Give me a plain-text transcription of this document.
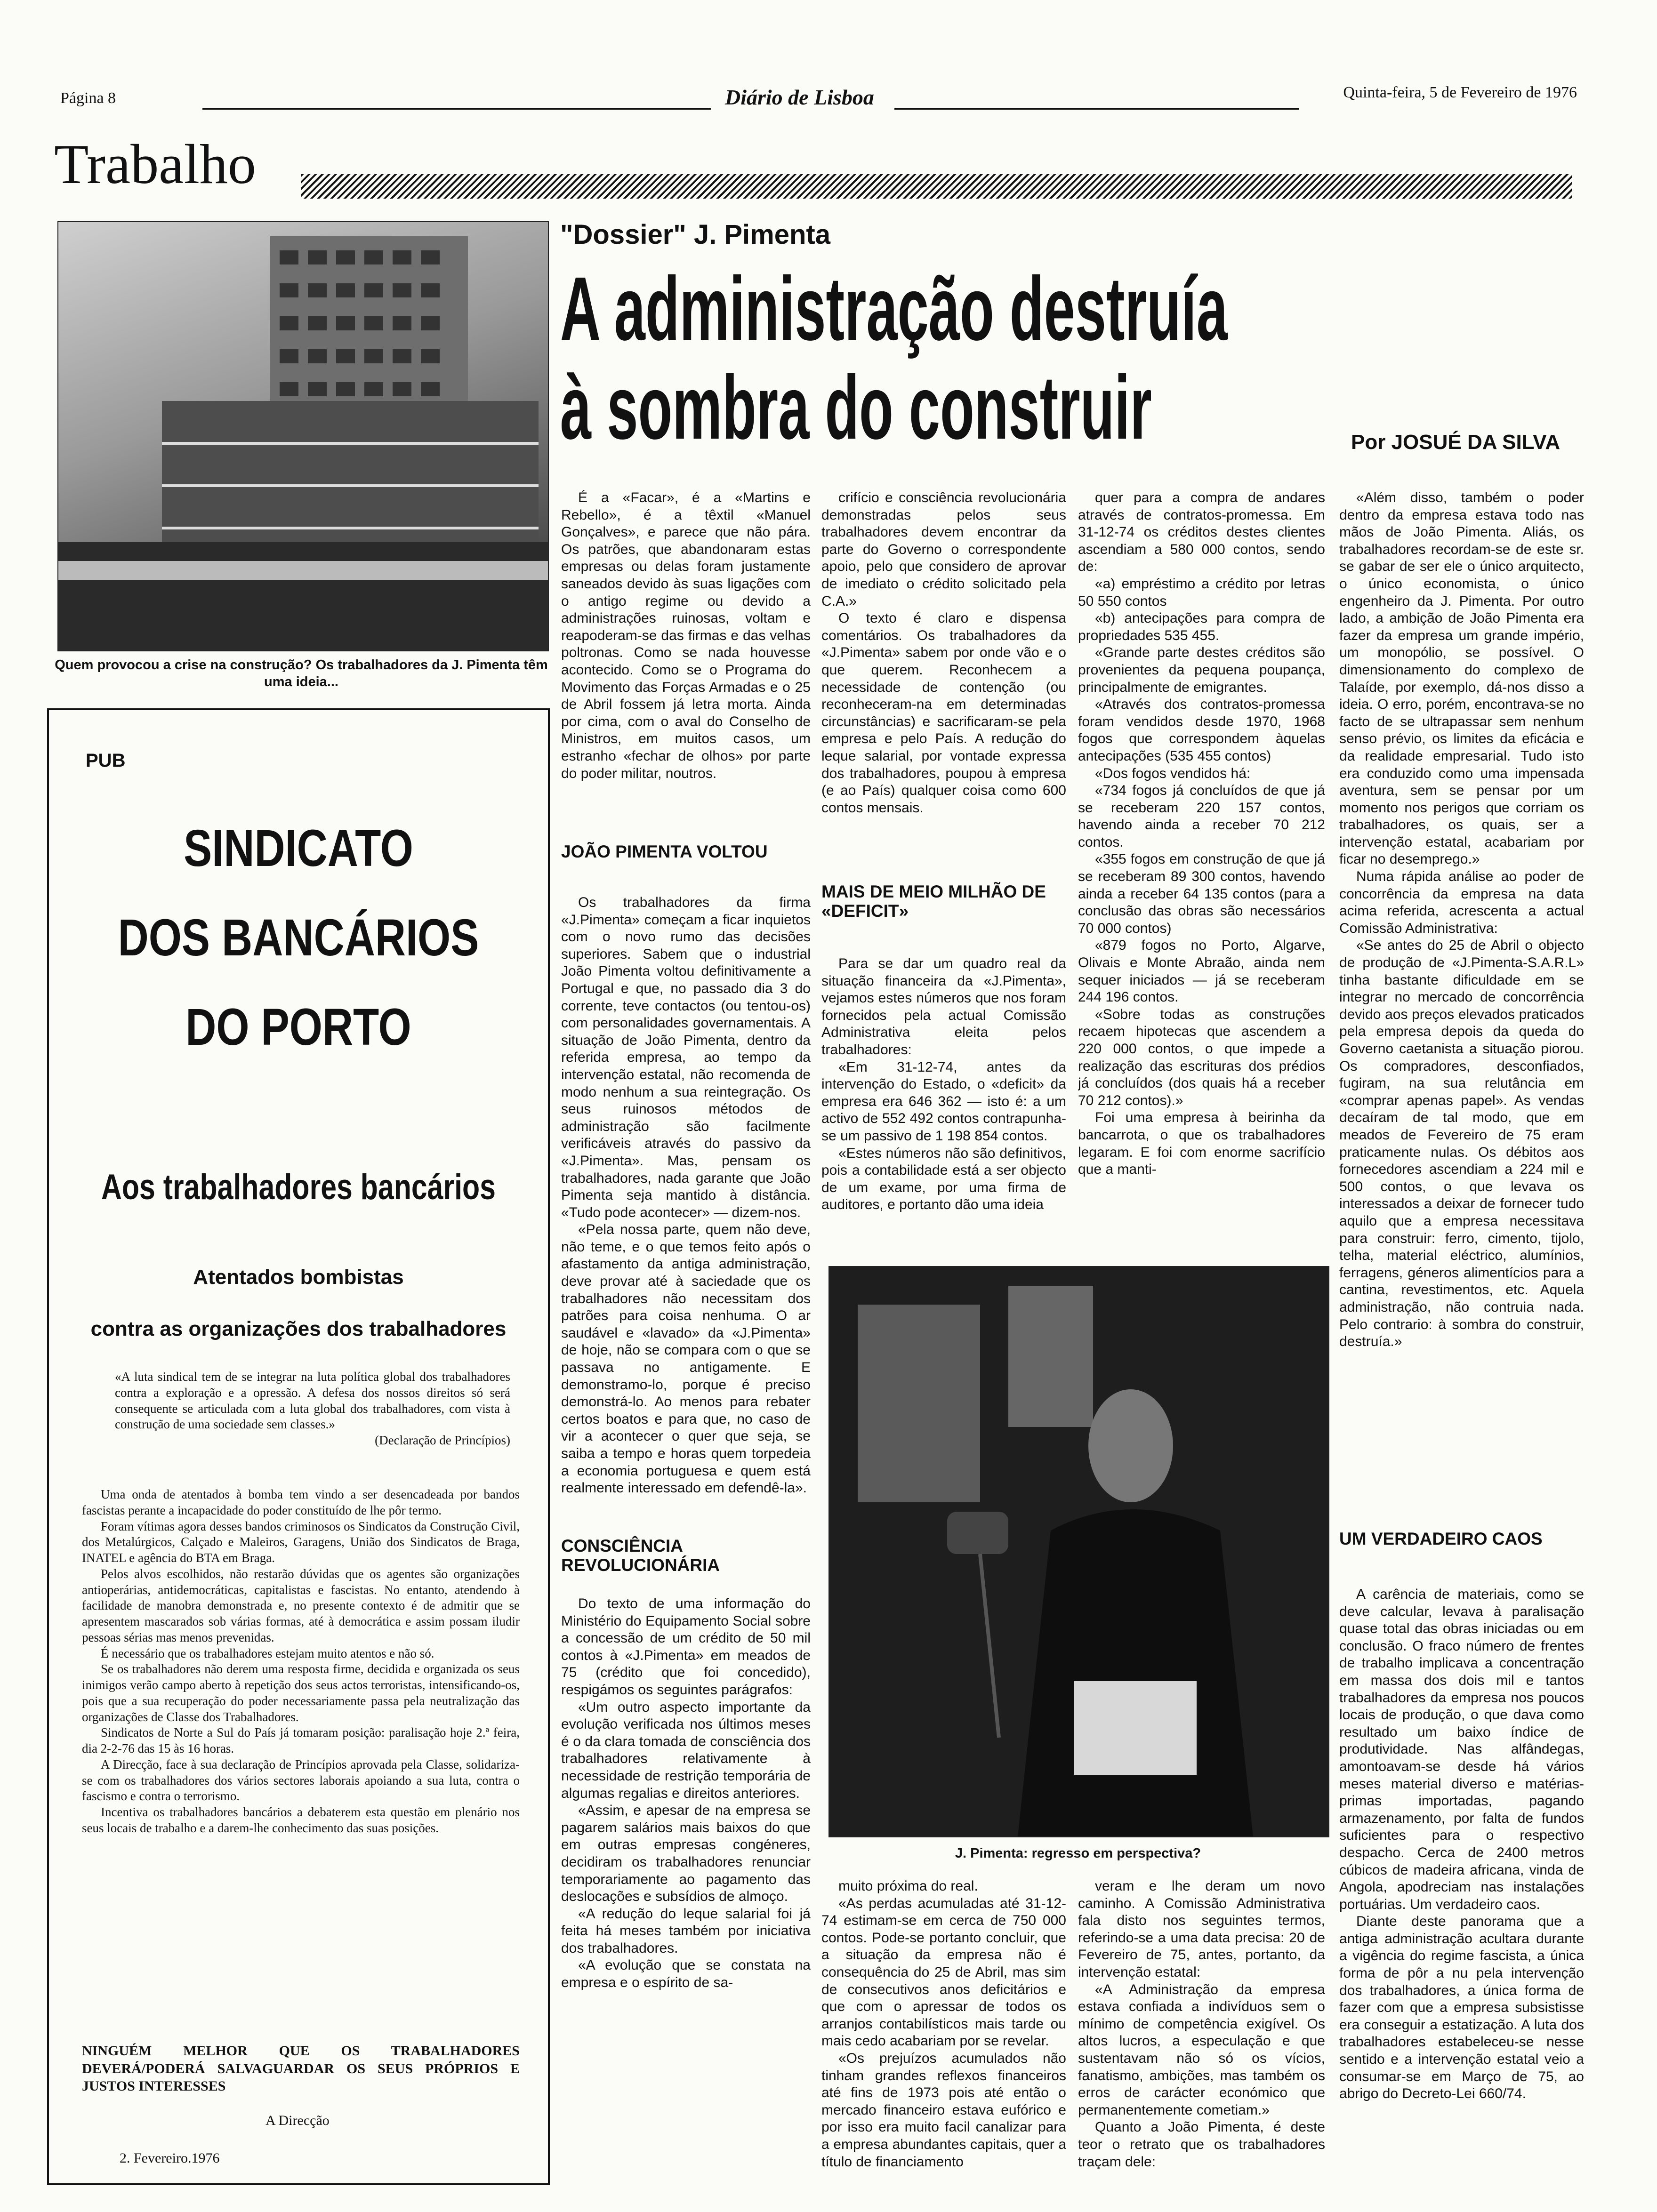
Página 8	Diário de Lisboa	Quinta-feira, 5 de Fevereiro de 1976
Trabalho
Quem provocou a crise na construção? Os trabalhadores da J. Pimenta têm uma ideia...
"Dossier" J. Pimenta
A administração destruía
à sombra do construir	Por JOSUÉ DA SILVA
PUB
SINDICATO
DOS BANCÁRIOS
DO PORTO
Aos trabalhadores bancários
Atentados bombistas
contra as organizações dos trabalhadores
«A luta sindical tem de se integrar na luta política global dos trabalhadores contra a exploração e a opressão. A defesa dos nossos direitos só será consequente se articulada com a luta global dos trabalhadores, com vista à construção de uma sociedade sem classes.»
(Declaração de Princípios)

Uma onda de atentados à bomba tem vindo a ser desencadeada por bandos fascistas perante a incapacidade do poder constituído de lhe pôr termo.

Foram vítimas agora desses bandos criminosos os Sindicatos da Construção Civil, dos Metalúrgicos, Calçado e Maleiros, Garagens, União dos Sindicatos de Braga, INATEL e agência do BTA em Braga.

Pelos alvos escolhidos, não restarão dúvidas que os agentes são organizações antioperárias, antidemocráticas, capitalistas e fascistas. No entanto, atendendo à facilidade de manobra demonstrada e, no presente contexto é de admitir que se apresentem mascarados sob várias formas, até à democrática e assim possam iludir pessoas sérias mas menos prevenidas.

É necessário que os trabalhadores estejam muito atentos e não só.

Se os trabalhadores não derem uma resposta firme, decidida e organizada os seus inimigos verão campo aberto à repetição dos seus actos terroristas, intensificando-os, pois que a sua recuperação do poder necessariamente passa pela neutralização das organizações de Classe dos Trabalhadores.

Sindicatos de Norte a Sul do País já tomaram posição: paralisação hoje 2.ª feira, dia 2-2-76 das 15 às 16 horas.

A Direcção, face à sua declaração de Princípios aprovada pela Classe, solidariza-se com os trabalhadores dos vários sectores laborais apoiando a sua luta, contra o fascismo e contra o terrorismo.

Incentiva os trabalhadores bancários a debaterem esta questão em plenário nos seus locais de trabalho e a darem-lhe conhecimento das suas posições.

NINGUÉM MELHOR QUE OS TRABALHADORES DEVERÁ/PODERÁ SALVAGUARDAR OS SEUS PRÓPRIOS E JUSTOS INTERESSES
A Direcção
2. Fevereiro.1976

É a «Facar», é a «Martins e Rebello», é a têxtil «Manuel Gonçalves», e parece que não pára. Os patrões, que abandonaram estas empresas ou delas foram justamente saneados devido às suas ligações com o antigo regime ou devido a administrações ruinosas, voltam e reapoderam-se das firmas e das velhas poltronas. Como se nada houvesse acontecido. Como se o Programa do Movimento das Forças Armadas e o 25 de Abril fossem já letra morta. Ainda por cima, com o aval do Conselho de Ministros, em muitos casos, um estranho «fechar de olhos» por parte do poder militar, noutros.

JOÃO PIMENTA VOLTOU

Os trabalhadores da firma «J.Pimenta» começam a ficar inquietos com o novo rumo das decisões superiores. Sabem que o industrial João Pimenta voltou definitivamente a Portugal e que, no passado dia 3 do corrente, teve contactos (ou tentou-os) com personalidades governamentais. A situação de João Pimenta, dentro da referida empresa, ao tempo da intervenção estatal, não recomenda de modo nenhum a sua reintegração. Os seus ruinosos métodos de administração são facilmente verificáveis através do passivo da «J.Pimenta». Mas, pensam os trabalhadores, nada garante que João Pimenta seja mantido à distância. «Tudo pode acontecer» — dizem-nos.

«Pela nossa parte, quem não deve, não teme, e o que temos feito após o afastamento da antiga administração, deve provar até à saciedade que os trabalhadores não necessitam dos patrões para coisa nenhuma. O ar saudável e «lavado» da «J.Pimenta» de hoje, não se compara com o que se passava no antigamente. E demonstramo-lo, porque é preciso demonstrá-lo. Ao menos para rebater certos boatos e para que, no caso de vir a acontecer o quer que seja, se saiba a tempo e horas quem torpedeia a economia portuguesa e quem está realmente interessado em defendê-la».

CONSCIÊNCIA REVOLUCIONÁRIA

Do texto de uma informação do Ministério do Equipamento Social sobre a concessão de um crédito de 50 mil contos à «J.Pimenta» em meados de 75 (crédito que foi concedido), respigámos os seguintes parágrafos:

«Um outro aspecto importante da evolução verificada nos últimos meses é o da clara tomada de consciência dos trabalhadores relativamente à necessidade de restrição temporária de algumas regalias e direitos anteriores.

«Assim, e apesar de na empresa se pagarem salários mais baixos do que em outras empresas congéneres, decidiram os trabalhadores renunciar temporariamente ao pagamento das deslocações e subsídios de almoço.

«A redução do leque salarial foi já feita há meses também por iniciativa dos trabalhadores.

«A evolução que se constata na empresa e o espírito de sa-

crifício e consciência revolucionária demonstradas pelos seus trabalhadores devem encontrar da parte do Governo o correspondente apoio, pelo que considero de aprovar de imediato o crédito solicitado pela C.A.»

O texto é claro e dispensa comentários. Os trabalhadores da «J.Pimenta» sabem por onde vão e o que querem. Reconhecem a necessidade de contenção (ou reconheceram-na em determinadas circunstâncias) e sacrificaram-se pela empresa e pelo País. A redução do leque salarial, por vontade expressa dos trabalhadores, poupou à empresa (e ao País) qualquer coisa como 600 contos mensais.

MAIS DE MEIO MILHÃO DE «DEFICIT»

Para se dar um quadro real da situação financeira da «J.Pimenta», vejamos estes números que nos foram fornecidos pela actual Comissão Administrativa eleita pelos trabalhadores:

«Em 31-12-74, antes da intervenção do Estado, o «deficit» da empresa era 646 362 — isto é: a um activo de 552 492 contos contrapunha-se um passivo de 1 198 854 contos.

«Estes números não são definitivos, pois a contabilidade está a ser objecto de um exame, por uma firma de auditores, e portanto dão uma ideia

quer para a compra de andares através de contratos-promessa. Em 31-12-74 os créditos destes clientes ascendiam a 580 000 contos, sendo de:

«a) empréstimo a crédito por letras 50 550 contos

«b) antecipações para compra de propriedades 535 455.

«Grande parte destes créditos são provenientes da pequena poupança, principalmente de emigrantes.

«Através dos contratos-promessa foram vendidos desde 1970, 1968 fogos que correspondem àquelas antecipações (535 455 contos)

«Dos fogos vendidos há:

«734 fogos já concluídos de que já se receberam 220 157 contos, havendo ainda a receber 70 212 contos.

«355 fogos em construção de que já se receberam 89 300 contos, havendo ainda a receber 64 135 contos (para a conclusão das obras são necessários 70 000 contos)

«879 fogos no Porto, Algarve, Olivais e Monte Abraão, ainda nem sequer iniciados — já se receberam 244 196 contos.

«Sobre todas as construções recaem hipotecas que ascendem a 220 000 contos, o que impede a realização das escrituras dos prédios já concluídos (dos quais há a receber 70 212 contos).»

Foi uma empresa à beirinha da bancarrota, o que os trabalhadores legaram. E foi com enorme sacrifício que a manti-

«Além disso, também o poder dentro da empresa estava todo nas mãos de João Pimenta. Aliás, os trabalhadores recordam-se de este sr. se gabar de ser ele o único arquitecto, o único economista, o único engenheiro da J. Pimenta. Por outro lado, a ambição de João Pimenta era fazer da empresa um grande império, um monopólio, se possível. O dimensionamento do complexo de Talaíde, por exemplo, dá-nos disso a ideia. O erro, porém, encontrava-se no facto de se ultrapassar sem nenhum senso prévio, os limites da eficácia e da realidade empresarial. Tudo isto era conduzido como uma impensada aventura, sem se pensar por um momento nos perigos que corriam os trabalhadores, os quais, ser a intervenção estatal, acabariam por ficar no desemprego.»

Numa rápida análise ao poder de concorrência da empresa na data acima referida, acrescenta a actual Comissão Administrativa:

«Se antes do 25 de Abril o objecto de produção de «J.Pimenta-S.A.R.L» tinha bastante dificuldade em se integrar no mercado de concorrência devido aos preços elevados praticados pela empresa depois da queda do Governo caetanista a situação piorou. Os compradores, desconfiados, fugiram, na sua relutância em «comprar apenas papel». As vendas decaíram de tal modo, que em meados de Fevereiro de 75 eram praticamente nulas. Os débitos aos fornecedores ascendiam a 224 mil e 500 contos, o que levava os interessados a deixar de fornecer tudo aquilo que a empresa necessitava para construir: ferro, cimento, tijolo, telha, material eléctrico, alumínios, ferragens, géneros alimentícios para a cantina, revestimentos, etc. Aquela administração, não contruia nada. Pelo contrario: à sombra do construir, destruía.»

UM VERDADEIRO CAOS

A carência de materiais, como se deve calcular, levava à paralisação quase total das obras iniciadas ou em conclusão. O fraco número de frentes de trabalho implicava a concentração em massa dos dois mil e tantos trabalhadores da empresa nos poucos locais de produção, o que dava como resultado um baixo índice de produtividade. Nas alfândegas, amontoavam-se desde há vários meses material diverso e matérias-primas importadas, pagando armazenamento, por falta de fundos suficientes para o respectivo despacho. Cerca de 2400 metros cúbicos de madeira africana, vinda de Angola, apodreciam nas instalações portuárias. Um verdadeiro caos.

Diante deste panorama que a antiga administração acultara durante a vigência do regime fascista, a única forma de pôr a nu pela intervenção dos trabalhadores, a única forma de fazer com que a empresa subsistisse era conseguir a estatização. A luta dos trabalhadores estabeleceu-se nesse sentido e a intervenção estatal veio a consumar-se em Março de 75, ao abrigo do Decreto-Lei 660/74.

J. Pimenta: regresso em perspectiva?

muito próxima do real.

«As perdas acumuladas até 31-12-74 estimam-se em cerca de 750 000 contos. Pode-se portanto concluir, que a situação da empresa não é consequência do 25 de Abril, mas sim de consecutivos anos deficitários e que com o apressar de todos os arranjos contabilísticos mais tarde ou mais cedo acabariam por se revelar.

«Os prejuízos acumulados não tinham grandes reflexos financeiros até fins de 1973 pois até então o mercado financeiro estava eufórico e por isso era muito facil canalizar para a empresa abundantes capitais, quer a título de financiamento

veram e lhe deram um novo caminho. A Comissão Administrativa fala disto nos seguintes termos, referindo-se a uma data precisa: 20 de Fevereiro de 75, antes, portanto, da intervenção estatal:

«A Administração da empresa estava confiada a indivíduos sem o mínimo de competência exigível. Os altos lucros, a especulação e que sustentavam não só os vícios, fanatismo, ambições, mas também os erros de carácter económico que permanentemente cometiam.»

Quanto a João Pimenta, é deste teor o retrato que os trabalhadores traçam dele:
